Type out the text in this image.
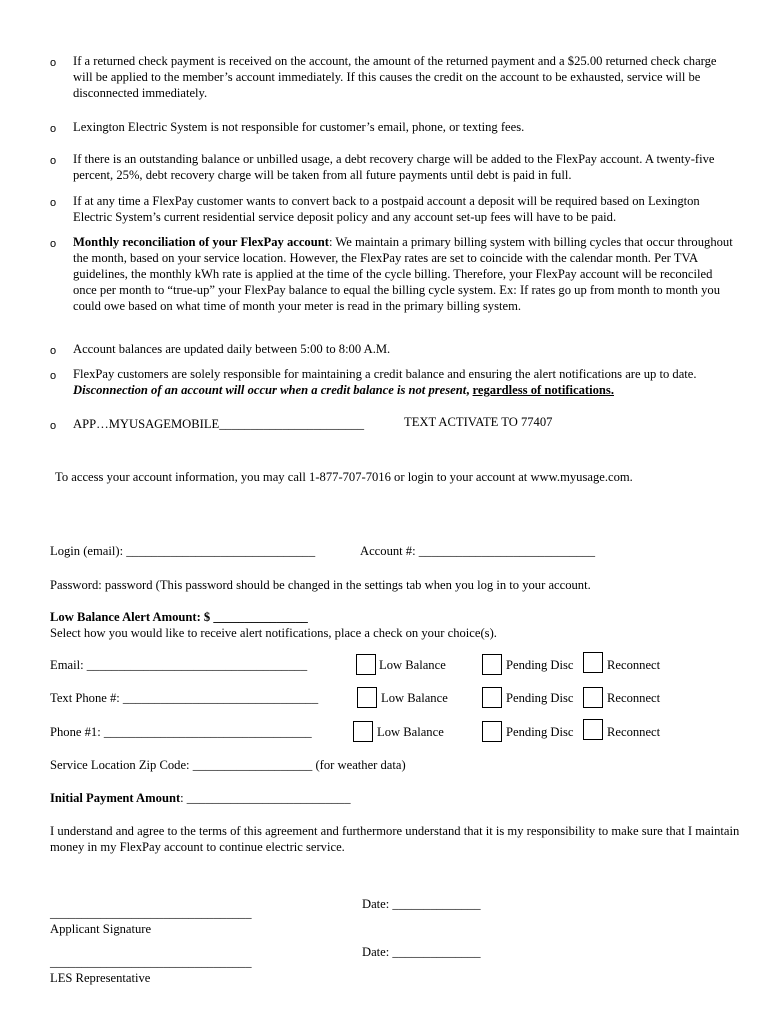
o If a returned check payment is received on the account, the amount of the returned payment and a $25.00 returned check charge will be applied to the member’s account immediately. If this causes the credit on the account to be exhausted, service will be disconnected immediately.
o Lexington Electric System is not responsible for customer’s email, phone, or texting fees.
o If there is an outstanding balance or unbilled usage, a debt recovery charge will be added to the FlexPay account. A twenty-five percent, 25%, debt recovery charge will be taken from all future payments until debt is paid in full.
o If at any time a FlexPay customer wants to convert back to a postpaid account a deposit will be required based on Lexington Electric System’s current residential service deposit policy and any account set-up fees will have to be paid.
o Monthly reconciliation of your FlexPay account: We maintain a primary billing system with billing cycles that occur throughout the month, based on your service location. However, the FlexPay rates are set to coincide with the calendar month. Per TVA guidelines, the monthly kWh rate is applied at the time of the cycle billing. Therefore, your FlexPay account will be reconciled once per month to “true-up” your FlexPay balance to equal the billing cycle system. Ex: If rates go up from month to month you could owe based on what time of month your meter is read in the primary billing system.
o Account balances are updated daily between 5:00 to 8:00 A.M.
o FlexPay customers are solely responsible for maintaining a credit balance and ensuring the alert notifications are up to date. Disconnection of an account will occur when a credit balance is not present, regardless of notifications.
o APP…MYUSAGEMOBILE_______________________	TEXT ACTIVATE TO 77407
To access your account information, you may call 1-877-707-7016 or login to your account at www.myusage.com.
Login (email): ______________________________	Account #: ____________________________
Password: password (This password should be changed in the settings tab when you log in to your account.
Low Balance Alert Amount: $ _______________
Select how you would like to receive alert notifications, place a check on your choice(s).
Email: ___________________________________	Low Balance	Pending Disc	Reconnect
Text Phone #: _______________________________	Low Balance	Pending Disc	Reconnect
Phone #1: _________________________________	Low Balance	Pending Disc	Reconnect
Service Location Zip Code: ___________________ (for weather data)
Initial Payment Amount: __________________________
I understand and agree to the terms of this agreement and furthermore understand that it is my responsibility to make sure that I maintain money in my FlexPay account to continue electric service.
Date: ______________
________________________________
Applicant Signature
Date: ______________
________________________________
LES Representative
